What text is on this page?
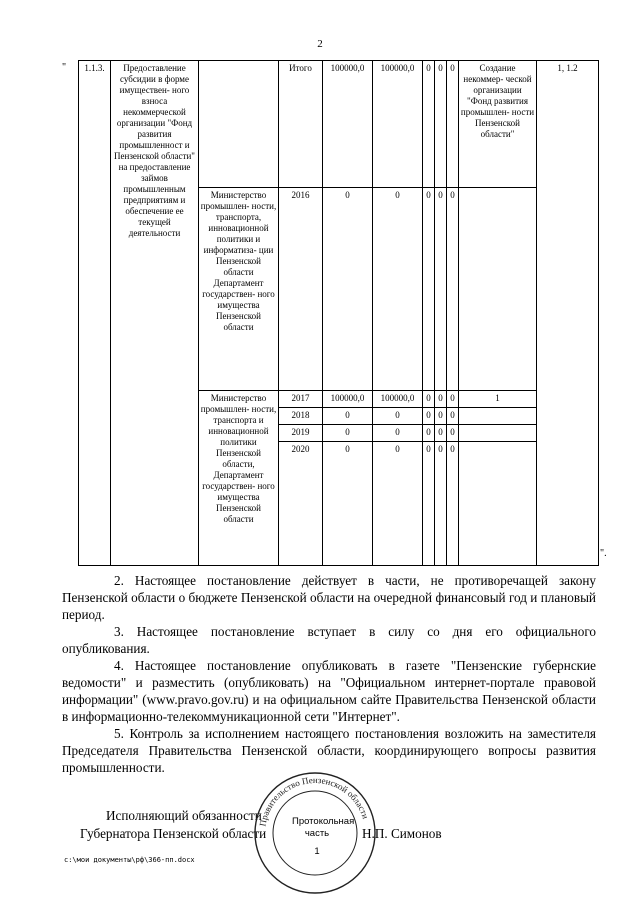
2
" 1.1.3.	Предоставление субсидии в форме имуществен- ного взноса некоммерческой организации "Фонд развития промышленност и Пензенской области" на предоставление займов промышленным предприятиям и обеспечение ее текущей деятельности		Итого	100000,0	100000,0	0	0	0	Создание некоммер- ческой организации "Фонд развития промышлен- ности Пензенской области"	1, 1.2
		Министерство промышлен- ности, транспорта, инновационной политики и информатиза- ции Пензенской области Департамент государствен- ного имущества Пензенской области	2016	0	0	0	0	0		
		Министерство промышлен- ности, транспорта и инновационной политики Пензенской области, Департамент государствен- ного имущества Пензенской области	2017	100000,0	100000,0	0	0	0	1	
			2018	0	0	0	0	0		
			2019	0	0	0	0	0		
			2020	0	0	0	0	0		
".

2. Настоящее постановление действует в части, не противоречащей закону Пензенской области о бюджете Пензенской области на очередной финансовый год и плановый период.

3. Настоящее постановление вступает в силу со дня его официального опубликования.

4. Настоящее постановление опубликовать в газете "Пензенские губернские ведомости" и разместить (опубликовать) на "Официальном интернет-портале правовой информации" (www.pravo.gov.ru) и на официальном сайте Правительства Пензенской области в информационно-телекоммуникационной сети "Интернет".

5. Контроль за исполнением настоящего постановления возложить на заместителя Председателя Правительства Пензенской области, координирующего вопросы развития промышленности.

Исполняющий обязанности
Губернатора Пензенской области	Н.П. Симонов
Правительство Пензенской области
Протокольная
часть
1
c:\мои документы\рф\366-пп.docx
